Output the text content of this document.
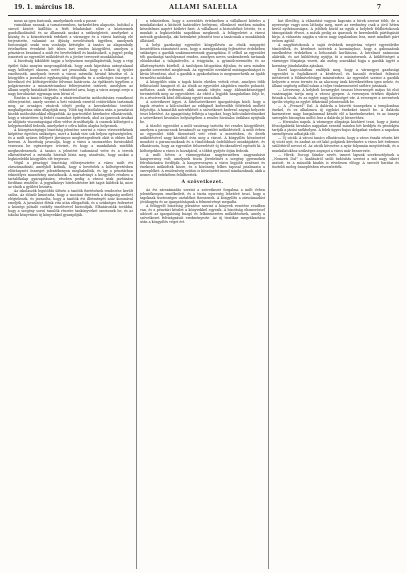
19. 1. március 18.	ALLAMI SALELLA	7

meas az igen fontosak, amelyeknek ezek a passzi-

vumokban vannak, a tornateremben, tarkerletben alapozás. Indokul a szerző között: kiállítás a férfi feladatokat előre a közüzemek gondolkodásától és az államnak azokat a szükségleteit, amelyeket a község és a közintézetek érdekeit a vármegye és a városi hatóság elé terjesztette, valamint az ifjúság nevelésének ügyében, amelynek fontosságát senki sem vonhatja kétségbe. A tanács az alapszabály értelmében évenként két ízben tart rendes közgyűlést, amelyen a pénztáros beszámol a múlt évi bevételekről és kiadásokról, a jegyző pedig ismerteti az egyesület működését és a jövőre tervezett munkálatokat.

A bizottság kiküldött tagjai a helyszínen megállapították, hogy a régi épület falai annyira megrongálódtak, hogy azok kijavítása aránytalanul nagy költséget okozna, ezért azt javasolták, hogy a telken új épület emeltessék, amelynek terveit a városi mérnöki hivatal készítse el. A közgyűlés a javaslatot egyhangúlag elfogadta és a szükséges összeget a következő évi költségvetésbe felvenni határozta. Az építkezés ügyében a polgármester a minisztériumhoz felterjesztést intézett, amelyben az állami segély kiutalását kérte, tekintettel arra, hogy a város anyagi ereje a nagy beruházást egymaga nem bírná el.

Ezután a tanács tárgyalta a vásárrendtartás módosítására vonatkozó előterjesztést, amely szerint a heti vásárok ezentúl csütörtökön tartatnak meg, az országos vásárok idejét pedig a kereskedelmi testület meghallgatása után állapítják meg. Több tag felszólalása után a javaslatot kisebb módosításokkal elfogadták. Az ipartestület kérelmére elhatározták, hogy a vásártéren új fedett csarnokot építtetnek, ahol az iparosok áruikat az időjárás viszontagságai ellen védve árusíthatják. A csarnok költségeit a helypénzekből fedezik, amelyeket e célra külön alapba helyeznek.

A közegészségügyi bizottság jelentése szerint a város vízvezetékének kiépítése égetően szükséges, mert a kutak vize sok helyen egészségtelen, és a múlt nyáron fellépett járványos megbetegedések okát is ebben kell keresni. A bizottság javasolja, hogy a város a szomszédos forrásokból vezessen be egészséges ivóvizet, és hogy a munkálatok mielőbb megkezdessenek. A tanács a jelentést tudomásul vette és a tervek elkészítésével a mérnöki hivatalt bízta meg, utasítván, hogy azokat a legközelebbi közgyűlés elé terjessze.

Végül a pénzügyi bizottság előterjesztette a város múlt évi zárszámadását, amelyből kitűnik, hogy a bevételek a költségvetésben előirányzott összeget jelentékenyen meghaladták, és így a pénztárban tekintélyes maradvány mutatkozik. A maradványt a közgyűlés részben a tartalékalap gyarapítására, részben pedig a városi utak javítására fordítani rendelte. A jegyzőkönyv hitelesítésére két tagot küldtek ki, mire az elnök a gyűlést bezárta.

Az iskolaszék legutóbbi ülésén a tanítók fizetésének rendezése került szóba. Az előadó kimutatta, hogy a mostani fizetések a drágaság mellett elégtelenek, és javasolta, hogy a tanítók évi illetményét száz koronával emeljék. A javaslatot élénk vita után elfogadták, és a szükséges fedezetet a községi pótadó csekély emelésével biztosítják. Elhatározták továbbá, hogy a szegény sorsú tanulók részére tankönyveket szereznek be, és az iskolai könyvtárat új könyvekkel gyarapítják.

a tekintetben, hogy a szerződés értelmében a vállalkozó köteles a munkálatokat a kitűzött határidőre befejezni, ellenkező esetben minden késedelmes napért kötbért fizet. A vállalkozó a biztosítékot letette, és a munkát a legközelebbi napokban megkezdi. A felügyeletet a városi mérnök gyakorolja, aki hetenként jelentést tesz a tanácsnak a munkálatok állásáról.

A helyi gazdasági egyesület közgyűlésén az elnök megnyitó beszédében rámutatott arra, hogy a mezőgazdaság fejlesztése érdekében szükséges a gazdák szakismereteinek gyarapítása. E célból az egyesület téli gazdasági tanfolyamot rendez, amelyen neves szakemberek tartanak előadásokat a talajművelés, a trágyázás, a gyümölcstermelés és az állattenyésztés köréből. A tanfolyam látogatása díjtalan, és arra minden gazdát szeretettel meghívnak. Az egyesület ezenkívül mintagazdaságot is kíván létesíteni, ahol a gazdák a gyakorlatban is megismerhetik az újabb termelési módokat.

A közgyűlés után a tagok közös ebéden vettek részt, amelyen több felköszöntő hangzott el. Az elnök az egyesület alapítóira emelte poharát, méltatva azok érdemeit, akik annak idején nagy áldozatkészséggel teremtették meg az egyesületet. Az ebéd a legjobb hangulatban folyt le, és a résztvevők késő délutánig együtt maradtak.

A szövetkezet ügyei. A hitelszövetkezet igazgatósága közli, hogy a tagok részére a kölcsönöket az eddiginél kedvezőbb feltételek mellett folyósítja. A kamatláb mérséklését a szövetkezet kedvező anyagi helyzete teszi lehetővé. Az igazgatóság felhívja a tagokat, hogy kölcsönkérelmeiket a szövetkezet hivatalos helyiségében a rendes hivatalos órákban nyújtsák be.

A tűzoltó egyesület a múlt vasárnap tartotta évi rendes közgyűlését, amelyen a parancsnok beszámolt az egyesület működéséről. A múlt évben az egyesület több tűzesetnél vett részt a mentésben, és derék működésével nagy károktól óvta meg a várost. A közgyűlés köszönetet mondott a parancsnoknak és a tűzoltóknak önfeláldozó munkájukért, és elhatározta, hogy az egyesület felszerelését új fecskendővel egészíti ki. A költségekhez a város is hozzájárul, a többit gyűjtés útján fedezik.

A múlt héten a vármegyeháza nagytermében nagyszabású hangverseny volt, amelynek tiszta jövedelmét a szegény gyermekek felruházására fordítják. A hangversenyen a város legjobb zenészei és énekesei működtek közre, és a közönség lelkes tapssal jutalmazta a szereplőket. A rendezőség ezúton is köszönetet mond mindazoknak, akik a nemes cél érdekében felülfizettek.

A szövetkezet.

Az évi zárszámadás szerint a szövetkezet forgalma a múlt évben jelentékenyen emelkedett, és a tiszta nyereség lehetővé teszi, hogy a tagoknak tisztességes osztalékot fizessenek. A közgyűlés a zárszámadást jóváhagyta és az igazgatóságnak a felmentvényt megadta.

A felügyelő bizottság jelentése szerint a könyvek vezetése rendben van, és a pénztári készlet a könyvekkel egyezik. A bizottság elismeréssel adózott az igazgatóság buzgó és lelkiismeretes működésének, amely a szövetkezet felvirágzását eredményezte. Az új tisztikar megválasztása után a közgyűlés véget ért.

hat illetőleg. A választást vagyon kapcsán a hírek szerint több, de a nyeresége vagyi nem láthatja meg, mert az eredmény csak a jövő héten kerül nyilvánosságra. A jelöltek közül az egyik a helybeli földbirtokosok támogatását élvezi, a másik pedig az iparosok és kereskedők pártfogását bírja. A választás napján a város nagy izgalomban lesz, mert mindkét párt erősen agitál.

A nagybirtokosok a saját érdekeik megóvása végett egyesületbe tömörültek, és kérelmet intéztek a kormányhoz, hogy a gabonaárak emelkedése érdekében a behozatalt korlátozza. A kérelmet számosan aláírták, és azt küldöttség nyújtja át a miniszternek. A küldöttséget a vármegye főispánja vezeti, aki meleg szavakkal fogja a gazdák ügyét a kormány jóindulatába ajánlani.

Ezzel kapcsolatban említjük meg, hogy a vármegyei gazdasági egyesület is foglalkozott a kérdéssel, és hasonló értelmű feliratot intéztetett a földmívelésügyi miniszterhez. Az egyesület szerint a gazdák helyzete a rossz termés és az alacsony árak következtében igen nehéz, és állami segítség nélkül sokan a teljes tönkremenetel szélére jutnának.

— Lóverseny. A helybeli lovaregylet tavaszi lóversenyét május hó első vasárnapján tartja meg a városi gyepen. A versenyen értékes díjakért futnak a lovak, és az egylet nagy közönséget vár. A versenyre a nevezések április végéig az egylet titkáránál jelentendők be.

— A ,,Frenzel'' Dal. A dalárda a húsvéti ünnepeken a templomban énekel, és ez alkalomra új egyházi énekeket tanult be. A dalárda karmestere nagy buzgalommal készíti elő a karénekeseket, és az ünnepi szereplés bizonyára méltó lesz a dalárda jó hírnevéhez.

— Hivatalos napok. A vármegye alispánja közhírré teszi, hogy a járási főszolgabírák hivatalos napjaikat ezentúl minden hét keddjén és péntekjén tartják a járási székhelyen. A felek ügyes-bajos dolgaikat ezeken a napokon személyesen adhatják elő.

— Új utcák. A városi tanács elhatározta, hogy a város északi részén két új utcát nyit, és azokat az ott lakó polgárok kérelmére a város két érdemes szülöttéről nevezi el. Az utcák kövezése a nyár folyamán megtörténik, és a munkálatokhoz szükséges anyagot a város már beszerezte.

— Hírek. Dorogi Sándor nevét, ismert lapunk szerkesztőjének a ,,Nemzeti Dal'' c. kiadásáról szóló tudósítás szerint a mű nagy sikert aratott, és a második kiadás is rövidesen elfogy. A szerzőt barátai és tisztelői meleg ünneplésben részesítették.
